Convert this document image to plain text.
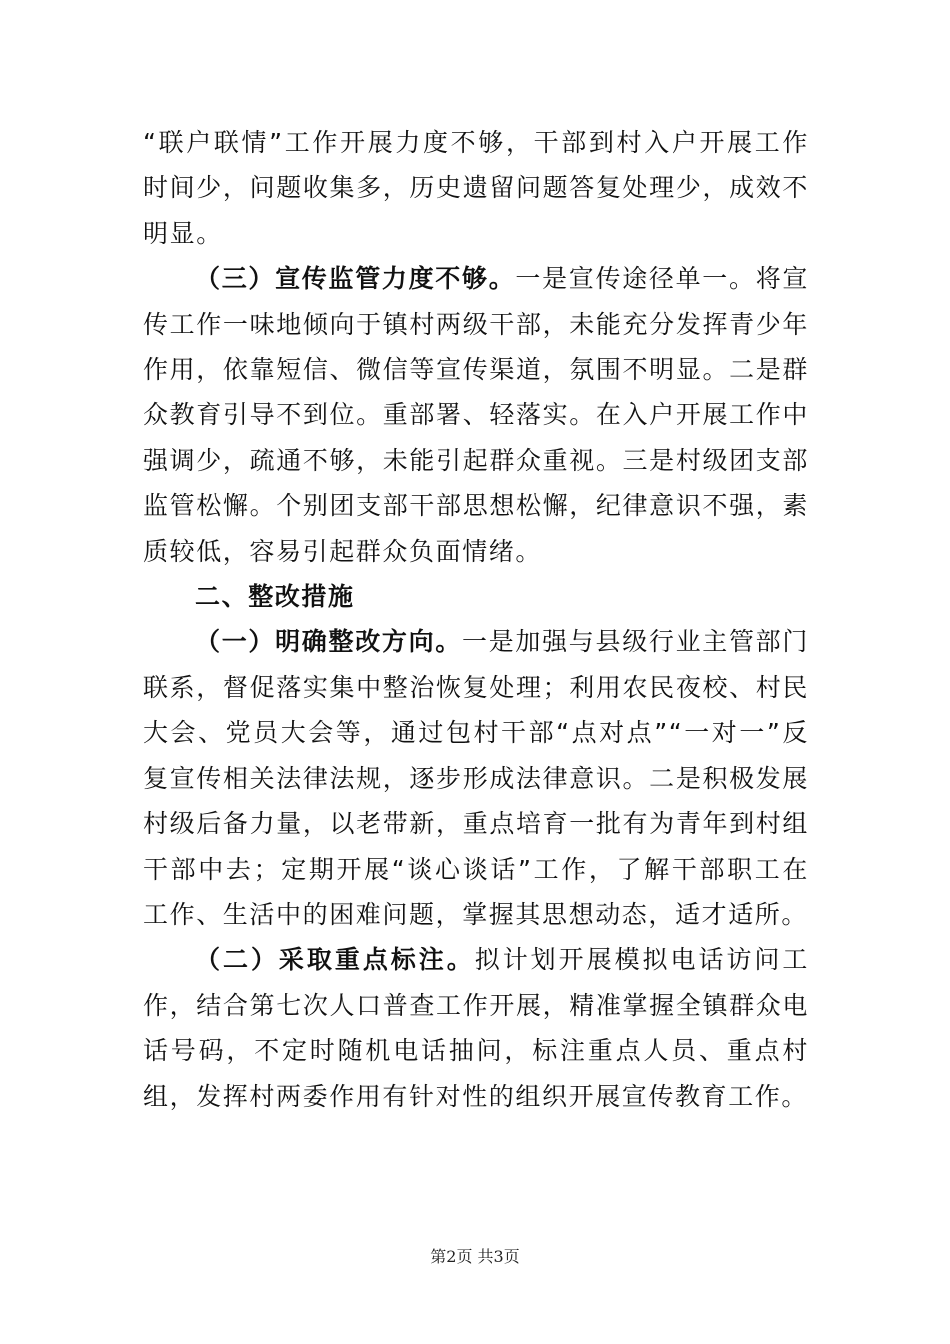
“联户联情”工作开展力度不够，干部到村入户开展工作时间少，问题收集多，历史遗留问题答复处理少，成效不明显。

（三）宣传监管力度不够。一是宣传途径单一。将宣传工作一味地倾向于镇村两级干部，未能充分发挥青少年作用，依靠短信、微信等宣传渠道，氛围不明显。二是群众教育引导不到位。重部署、轻落实。在入户开展工作中强调少，疏通不够，未能引起群众重视。三是村级团支部监管松懈。个别团支部干部思想松懈，纪律意识不强，素质较低，容易引起群众负面情绪。

二、整改措施

（一）明确整改方向。一是加强与县级行业主管部门联系，督促落实集中整治恢复处理；利用农民夜校、村民大会、党员大会等，通过包村干部“点对点”“一对一”反复宣传相关法律法规，逐步形成法律意识。二是积极发展村级后备力量，以老带新，重点培育一批有为青年到村组干部中去；定期开展“谈心谈话”工作，了解干部职工在工作、生活中的困难问题，掌握其思想动态，适才适所。

（二）采取重点标注。拟计划开展模拟电话访问工作，结合第七次人口普查工作开展，精准掌握全镇群众电话号码，不定时随机电话抽问，标注重点人员、重点村组，发挥村两委作用有针对性的组织开展宣传教育工作。

第2页 共3页
